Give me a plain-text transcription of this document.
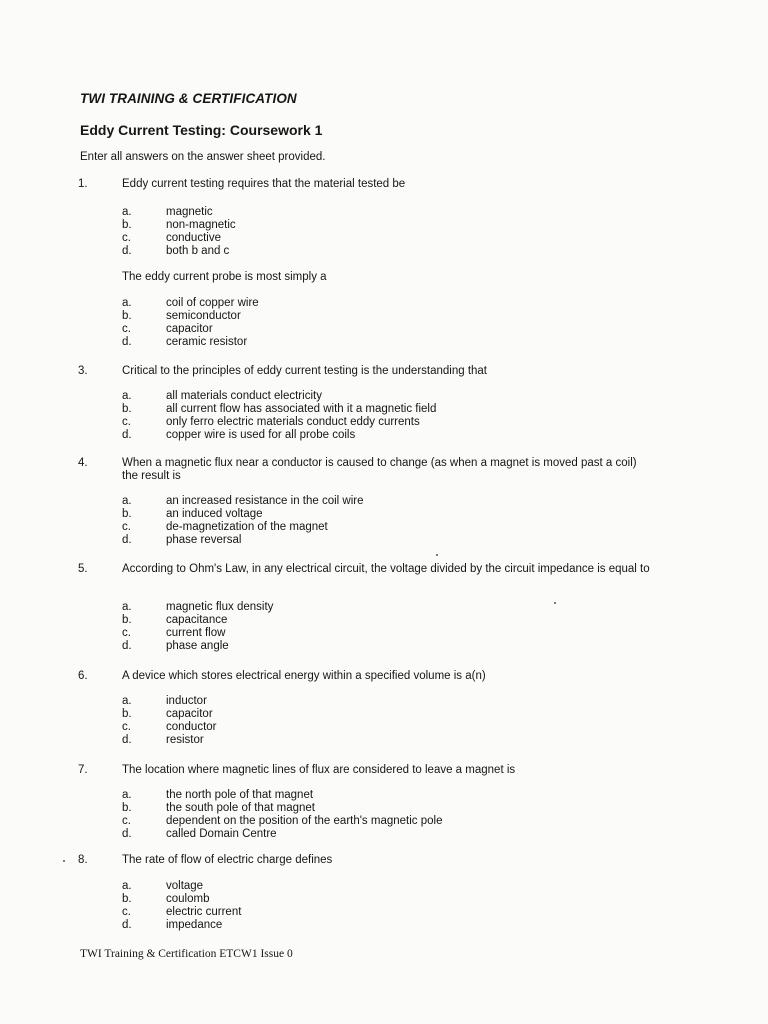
TWI TRAINING & CERTIFICATION
Eddy Current Testing: Coursework 1
Enter all answers on the answer sheet provided.
1.	Eddy current testing requires that the material tested be
a.	magnetic
b.	non-magnetic
c.	conductive
d.	both b and c
The eddy current probe is most simply a
a.	coil of copper wire
b.	semiconductor
c.	capacitor
d.	ceramic resistor
3.	Critical to the principles of eddy current testing is the understanding that
a.	all materials conduct electricity
b.	all current flow has associated with it a magnetic field
c.	only ferro electric materials conduct eddy currents
d.	copper wire is used for all probe coils
4.	When a magnetic flux near a conductor is caused to change (as when a magnet is moved past a coil) the result is
a.	an increased resistance in the coil wire
b.	an induced voltage
c.	de-magnetization of the magnet
d.	phase reversal
5.	According to Ohm's Law, in any electrical circuit, the voltage divided by the circuit impedance is equal to
a.	magnetic flux density
b.	capacitance
c.	current flow
d.	phase angle
6.	A device which stores electrical energy within a specified volume is a(n)
a.	inductor
b.	capacitor
c.	conductor
d.	resistor
7.	The location where magnetic lines of flux are considered to leave a magnet is
a.	the north pole of that magnet
b.	the south pole of that magnet
c.	dependent on the position of the earth's magnetic pole
d.	called Domain Centre
8.	The rate of flow of electric charge defines
a.	voltage
b.	coulomb
c.	electric current
d.	impedance
TWI Training & Certification ETCW1 Issue 0
